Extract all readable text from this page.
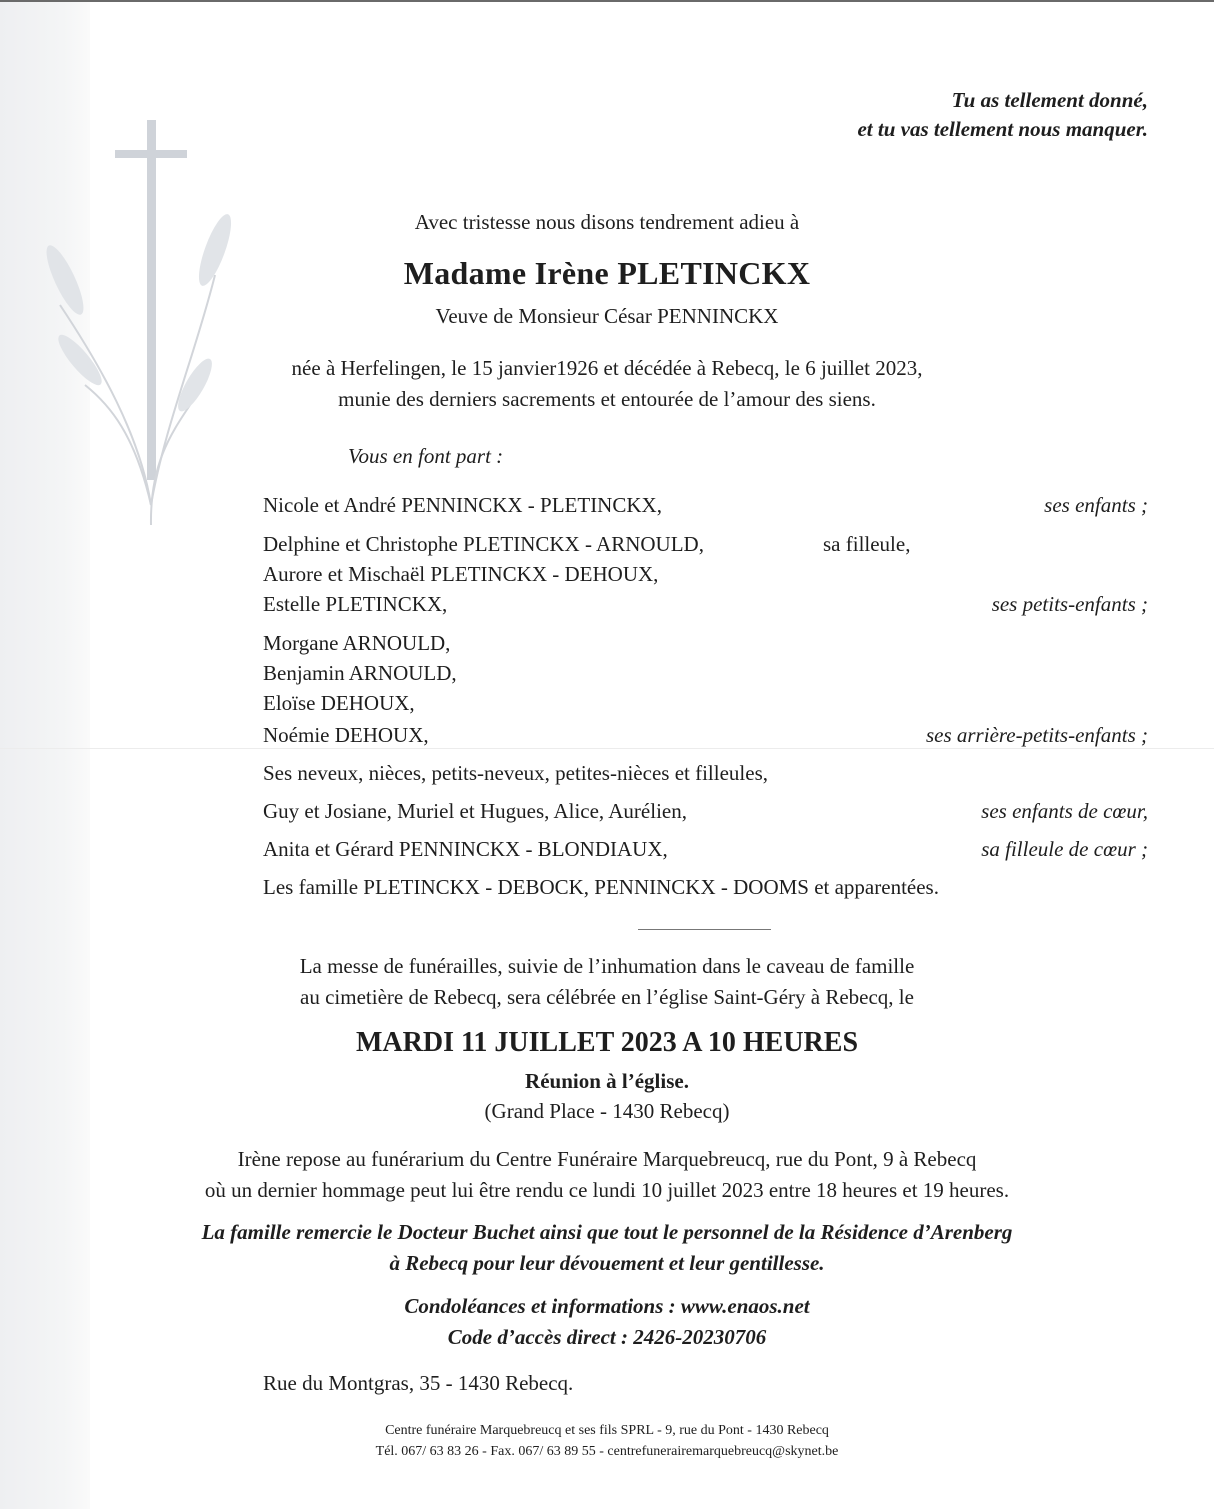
Tu as tellement donné,
et tu vas tellement nous manquer.
Avec tristesse nous disons tendrement adieu à
Madame Irène PLETINCKX
Veuve de Monsieur César PENNINCKX
née à Herfelingen, le 15 janvier1926 et décédée à Rebecq, le 6 juillet 2023,
munie des derniers sacrements et entourée de l’amour des siens.
Vous en font part :
Nicole et André PENNINCKX - PLETINCKX,	ses enfants ;
Delphine et Christophe PLETINCKX - ARNOULD,	sa filleule,
Aurore et Mischaël PLETINCKX - DEHOUX,
Estelle PLETINCKX,	ses petits-enfants ;
Morgane ARNOULD,
Benjamin ARNOULD,
Eloïse DEHOUX,
Noémie DEHOUX,	ses arrière-petits-enfants ;
Ses neveux, nièces, petits-neveux, petites-nièces et filleules,
Guy et Josiane, Muriel et Hugues, Alice, Aurélien,	ses enfants de cœur,
Anita et Gérard PENNINCKX - BLONDIAUX,	sa filleule de cœur ;
Les famille PLETINCKX - DEBOCK, PENNINCKX - DOOMS et apparentées.
La messe de funérailles, suivie de l’inhumation dans le caveau de famille
au cimetière de Rebecq, sera célébrée en l’église Saint-Géry à Rebecq, le
MARDI 11 JUILLET 2023 A 10 HEURES
Réunion à l’église.
(Grand Place - 1430 Rebecq)
Irène repose au funérarium du Centre Funéraire Marquebreucq, rue du Pont, 9 à Rebecq
où un dernier hommage peut lui être rendu ce lundi 10 juillet 2023 entre 18 heures et 19 heures.
La famille remercie le Docteur Buchet ainsi que tout le personnel de la Résidence d’Arenberg
à Rebecq pour leur dévouement et leur gentillesse.
Condoléances et informations : www.enaos.net
Code d’accès direct : 2426-20230706
Rue du Montgras, 35 - 1430 Rebecq.
Centre funéraire Marquebreucq et ses fils SPRL - 9, rue du Pont - 1430 Rebecq
Tél. 067/ 63 83 26 - Fax. 067/ 63 89 55 - centrefunerairemarquebreucq@skynet.be
